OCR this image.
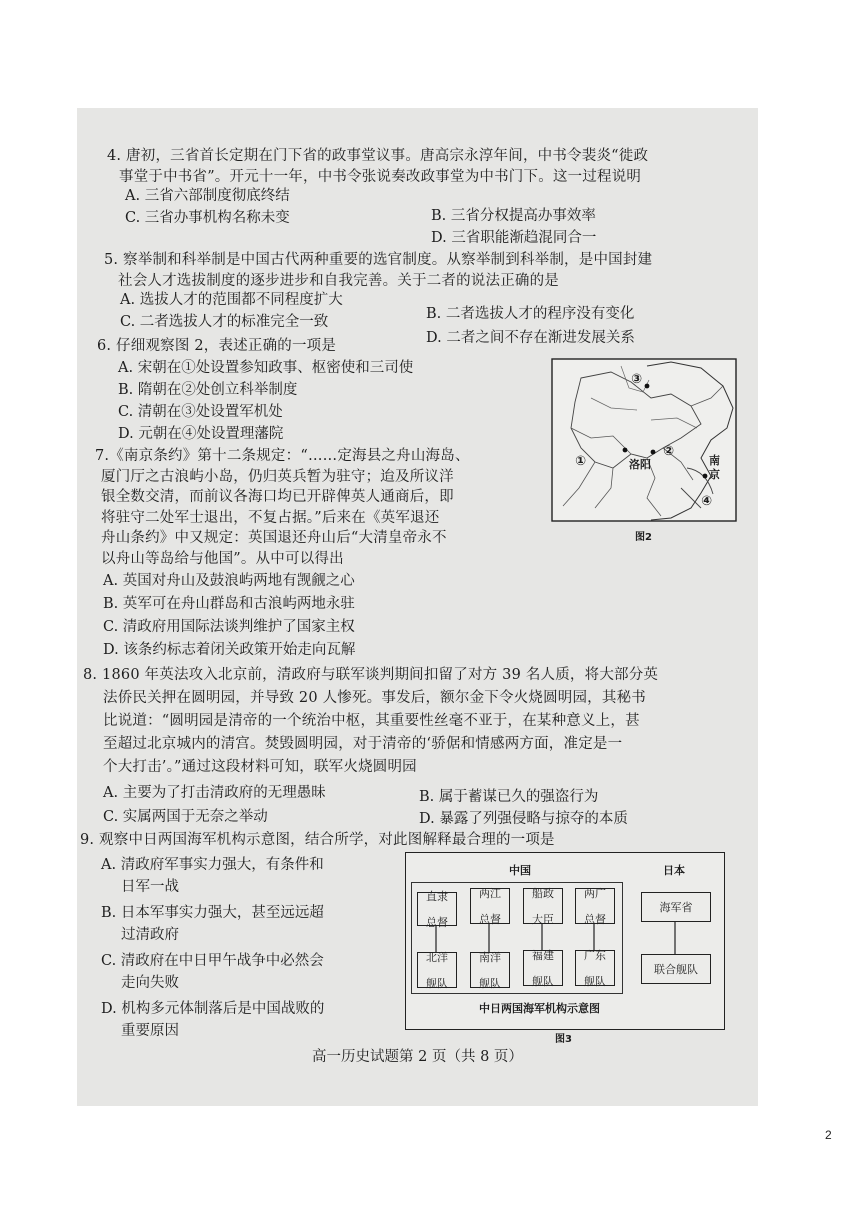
4. 唐初，三省首长定期在门下省的政事堂议事。唐高宗永淳年间，中书令裴炎“徙政
事堂于中书省”。开元十一年，中书令张说奏改政事堂为中书门下。这一过程说明
A. 三省六部制度彻底终结
B. 三省分权提高办事效率
C. 三省办事机构名称未变
D. 三省职能渐趋混同合一
5. 察举制和科举制是中国古代两种重要的选官制度。从察举制到科举制，是中国封建
社会人才选拔制度的逐步进步和自我完善。关于二者的说法正确的是
A. 选拔人才的范围都不同程度扩大
B. 二者选拔人才的程序没有变化
C. 二者选拔人才的标准完全一致
D. 二者之间不存在渐进发展关系
6. 仔细观察图 2，表述正确的一项是
A. 宋朝在①处设置参知政事、枢密使和三司使
B. 隋朝在②处创立科举制度
C. 清朝在③处设置军机处
D. 元朝在④处设置理藩院
①
②
③
④
洛阳	南
京
图2
7.《南京条约》第十二条规定：“……定海县之舟山海岛、
厦门厅之古浪屿小岛，仍归英兵暂为驻守；迨及所议洋
银全数交清，而前议各海口均已开辟俾英人通商后，即
将驻守二处军士退出，不复占据。”后来在《英军退还
舟山条约》中又规定：英国退还舟山后“大清皇帝永不
以舟山等岛给与他国”。从中可以得出
A. 英国对舟山及鼓浪屿两地有觊觎之心
B. 英军可在舟山群岛和古浪屿两地永驻
C. 清政府用国际法谈判维护了国家主权
D. 该条约标志着闭关政策开始走向瓦解
8. 1860 年英法攻入北京前，清政府与联军谈判期间扣留了对方 39 名人质，将大部分英
法侨民关押在圆明园，并导致 20 人惨死。事发后，额尔金下令火烧圆明园，其秘书
比说道：“圆明园是清帝的一个统治中枢，其重要性丝毫不亚于，在某种意义上，甚
至超过北京城内的清宫。焚毁圆明园，对于清帝的‘骄倨和情感两方面，准定是一
个大打击’。”通过这段材料可知，联军火烧圆明园
A. 主要为了打击清政府的无理愚昧	B. 属于蓄谋已久的强盗行为
C. 实属两国于无奈之举动	D. 暴露了列强侵略与掠夺的本质
9. 观察中日两国海军机构示意图，结合所学，对此图解释最合理的一项是
A. 清政府军事实力强大，有条件和
日军一战
B. 日本军事实力强大，甚至远远超
过清政府
C. 清政府在中日甲午战争中必然会
走向失败
D. 机构多元体制落后是中国战败的
重要原因
中国	日本
直隶

总督
两江

总督
船政

大臣
两广

总督
北洋

舰队
南洋

舰队
福建

舰队
广东

舰队
海军省
联合舰队
中日两国海军机构示意图
图3
高一历史试题第 2 页（共 8 页）
2
